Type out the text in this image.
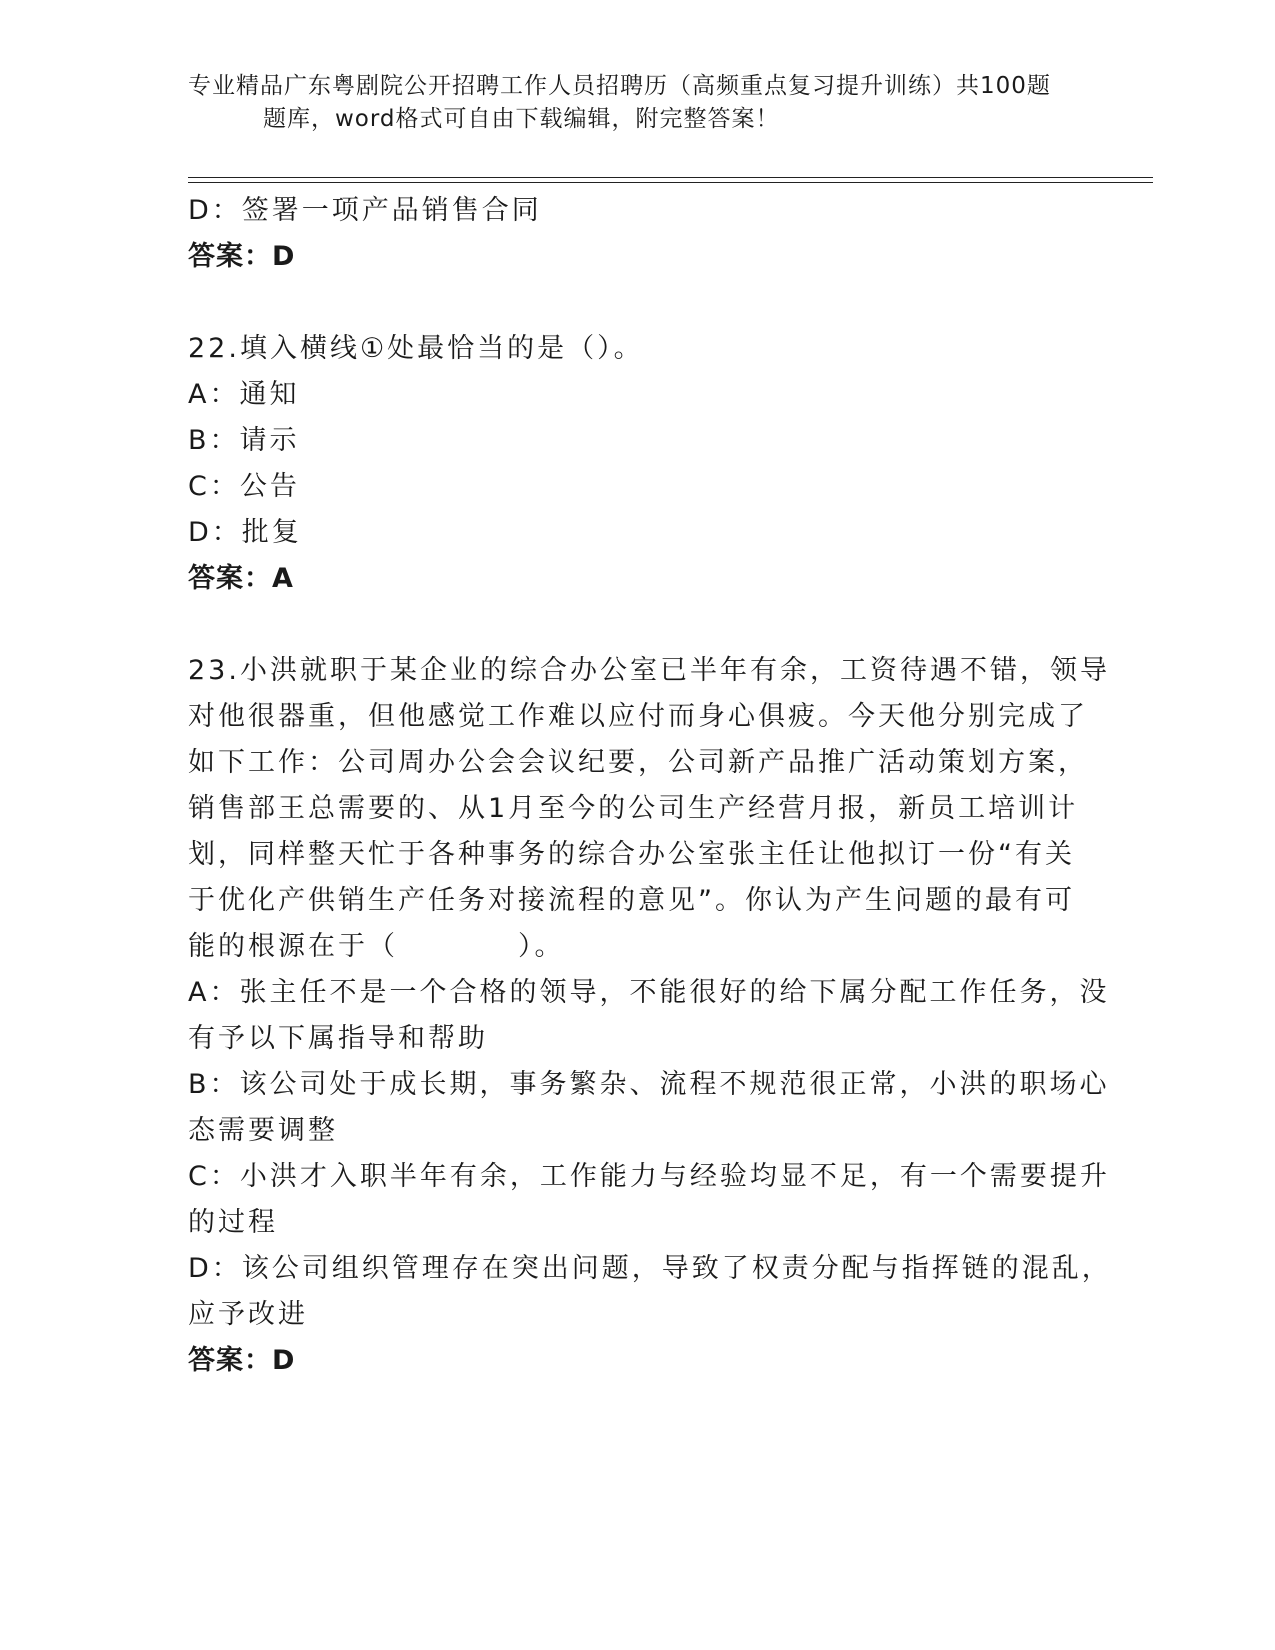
专业精品广东粤剧院公开招聘工作人员招聘历（高频重点复习提升训练）共100题
题库，word格式可自由下载编辑，附完整答案！
D：签署一项产品销售合同
答案：D
22.填入横线①处最恰当的是（）。
A：通知
B：请示
C：公告
D：批复
答案：A
23.小洪就职于某企业的综合办公室已半年有余，工资待遇不错，领导
对他很器重，但他感觉工作难以应付而身心俱疲。今天他分别完成了
如下工作：公司周办公会会议纪要，公司新产品推广活动策划方案，
销售部王总需要的、从1月至今的公司生产经营月报，新员工培训计
划，同样整天忙于各种事务的综合办公室张主任让他拟订一份“有关
于优化产供销生产任务对接流程的意见”。你认为产生问题的最有可
能的根源在于（	）。
A：张主任不是一个合格的领导，不能很好的给下属分配工作任务，没
有予以下属指导和帮助
B：该公司处于成长期，事务繁杂、流程不规范很正常，小洪的职场心
态需要调整
C：小洪才入职半年有余，工作能力与经验均显不足，有一个需要提升
的过程
D：该公司组织管理存在突出问题，导致了权责分配与指挥链的混乱，
应予改进
答案：D
